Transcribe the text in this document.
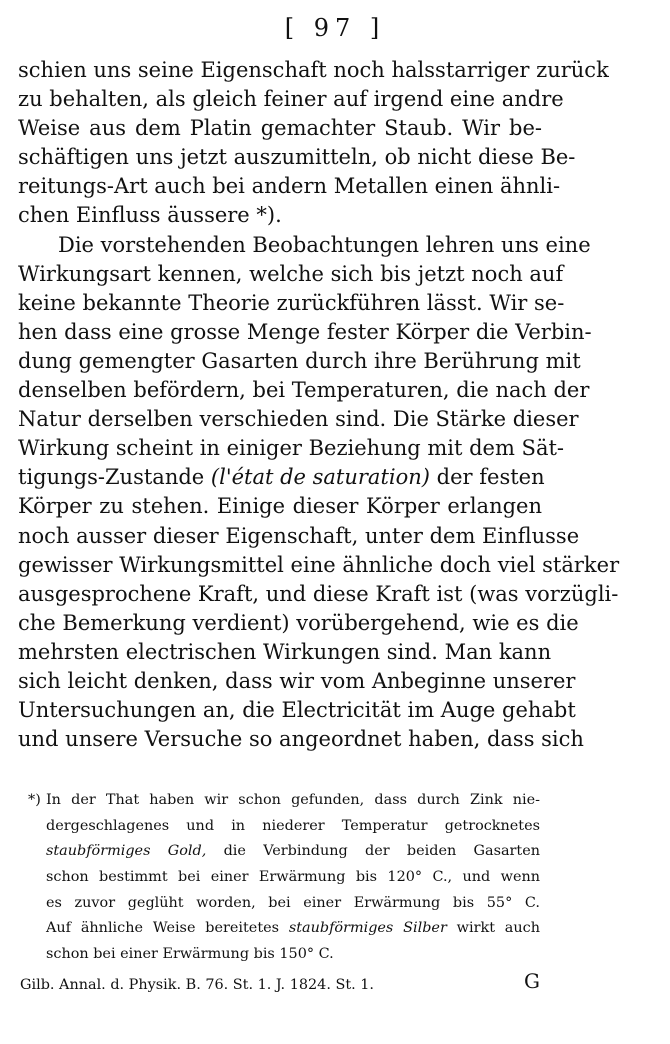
[ 97 ]
schien uns seine Eigenschaft noch halsstarriger zurück
zu behalten, als gleich feiner auf irgend eine andre
Weise aus dem Platin gemachter Staub. Wir be-
schäftigen uns jetzt auszumitteln, ob nicht diese Be-
reitungs-Art auch bei andern Metallen einen ähnli-
chen Einfluss äussere *).
Die vorstehenden Beobachtungen lehren uns eine
Wirkungsart kennen, welche sich bis jetzt noch auf
keine bekannte Theorie zurückführen lässt. Wir se-
hen dass eine grosse Menge fester Körper die Verbin-
dung gemengter Gasarten durch ihre Berührung mit
denselben befördern, bei Temperaturen, die nach der
Natur derselben verschieden sind. Die Stärke dieser
Wirkung scheint in einiger Beziehung mit dem Sät-
tigungs-Zustande (l'état de saturation) der festen
Körper zu stehen. Einige dieser Körper erlangen
noch ausser dieser Eigenschaft, unter dem Einflusse
gewisser Wirkungsmittel eine ähnliche doch viel stärker
ausgesprochene Kraft, und diese Kraft ist (was vorzügli-
che Bemerkung verdient) vorübergehend, wie es die
mehrsten electrischen Wirkungen sind. Man kann
sich leicht denken, dass wir vom Anbeginne unserer
Untersuchungen an, die Electricität im Auge gehabt
und unsere Versuche so angeordnet haben, dass sich
*) In der That haben wir schon gefunden, dass durch Zink nie-
dergeschlagenes und in niederer Temperatur getrocknetes
staubförmiges Gold, die Verbindung der beiden Gasarten
schon bestimmt bei einer Erwärmung bis 120° C., und wenn
es zuvor geglüht worden, bei einer Erwärmung bis 55° C.
Auf ähnliche Weise bereitetes staubförmiges Silber wirkt auch
schon bei einer Erwärmung bis 150° C.
Gilb. Annal. d. Physik. B. 76. St. 1. J. 1824. St. 1.	G
